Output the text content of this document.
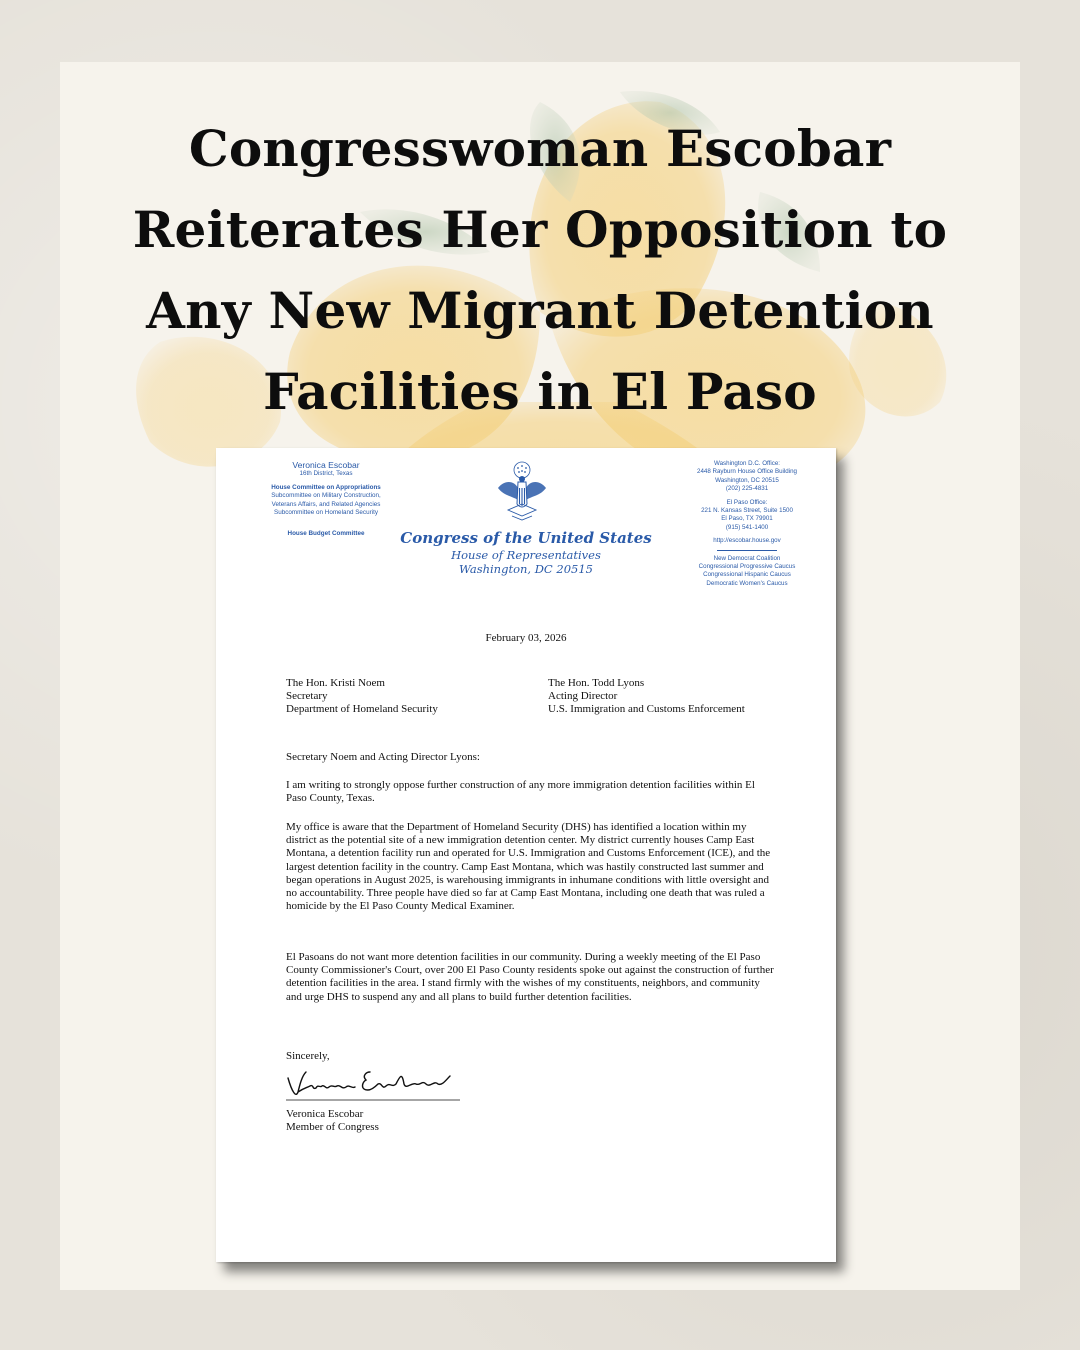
Congresswoman Escobar
Reiterates Her Opposition to
Any New Migrant Detention
Facilities in El Paso
Veronica Escobar
16th District, Texas
House Committee on Appropriations
Subcommittee on Military Construction,
Veterans Affairs, and Related Agencies
Subcommittee on Homeland Security
House Budget Committee	Congress of the United States
House of Representatives
Washington, DC 20515
Washington D.C. Office:
2448 Rayburn House Office Building
Washington, DC 20515
(202) 225-4831
El Paso Office:
221 N. Kansas Street, Suite 1500
El Paso, TX 79901
(915) 541-1400
http://escobar.house.gov
New Democrat Coalition
Congressional Progressive Caucus
Congressional Hispanic Caucus
Democratic Women's Caucus
February 03, 2026
The Hon. Kristi Noem
Secretary
Department of Homeland Security
The Hon. Todd Lyons
Acting Director
U.S. Immigration and Customs Enforcement
Secretary Noem and Acting Director Lyons:
I am writing to strongly oppose further construction of any more immigration detention facilities within El Paso County, Texas.
My office is aware that the Department of Homeland Security (DHS) has identified a location within my district as the potential site of a new immigration detention center. My district currently houses Camp East Montana, a detention facility run and operated for U.S. Immigration and Customs Enforcement (ICE), and the largest detention facility in the country. Camp East Montana, which was hastily constructed last summer and began operations in August 2025, is warehousing immigrants in inhumane conditions with little oversight and no accountability. Three people have died so far at Camp East Montana, including one death that was ruled a homicide by the El Paso County Medical Examiner.
El Pasoans do not want more detention facilities in our community. During a weekly meeting of the El Paso County Commissioner's Court, over 200 El Paso County residents spoke out against the construction of further detention facilities in the area. I stand firmly with the wishes of my constituents, neighbors, and community and urge DHS to suspend any and all plans to build further detention facilities.
Sincerely,
Veronica Escobar
Member of Congress
